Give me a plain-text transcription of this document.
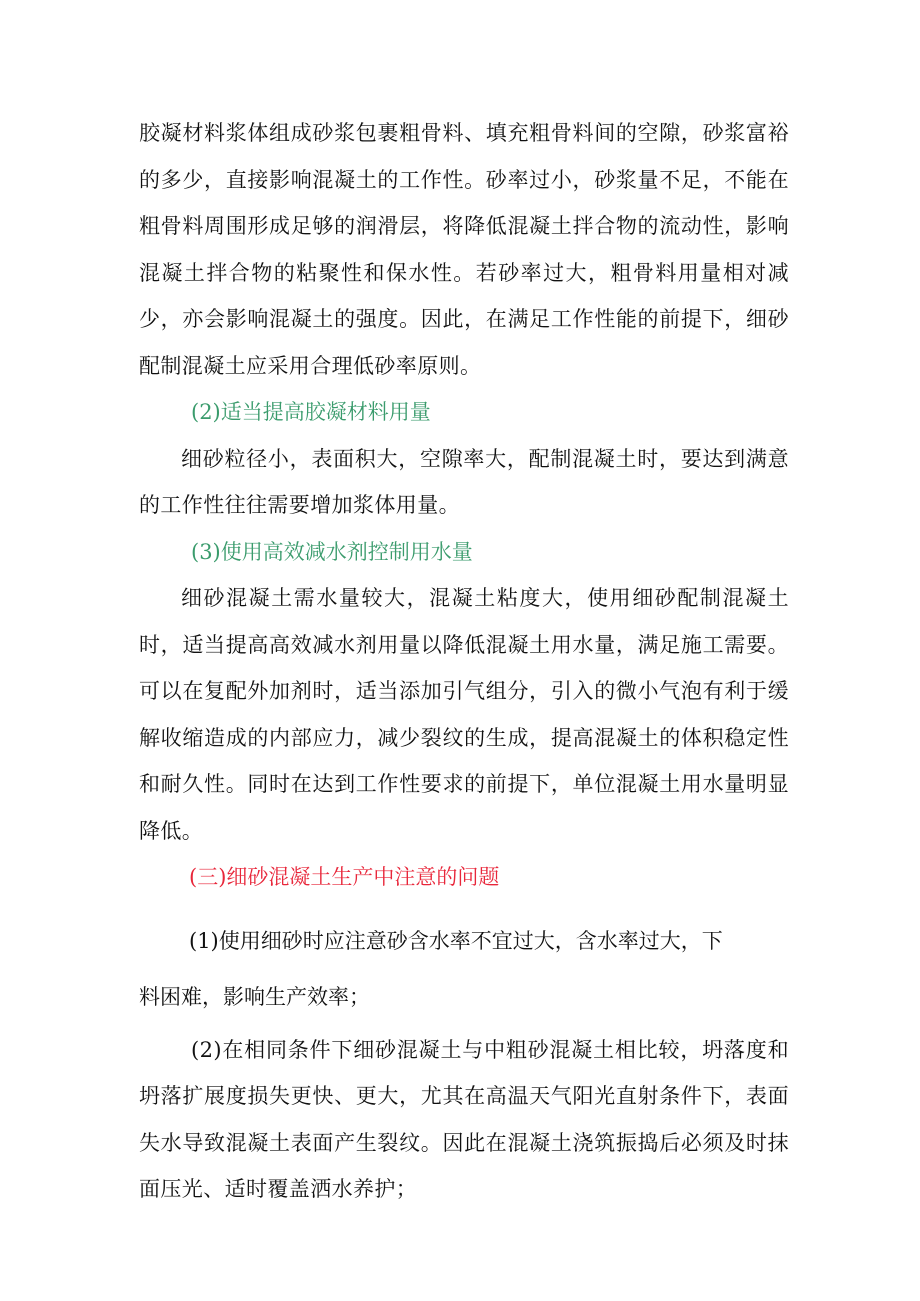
胶凝材料浆体组成砂浆包裹粗骨料、填充粗骨料间的空隙，砂浆富裕的多少，直接影响混凝土的工作性。砂率过小，砂浆量不足，不能在粗骨料周围形成足够的润滑层，将降低混凝土拌合物的流动性，影响混凝土拌合物的粘聚性和保水性。若砂率过大，粗骨料用量相对减少，亦会影响混凝土的强度。因此，在满足工作性能的前提下，细砂配制混凝土应采用合理低砂率原则。

(2)适当提高胶凝材料用量

细砂粒径小，表面积大，空隙率大，配制混凝土时，要达到满意的工作性往往需要增加浆体用量。

(3)使用高效减水剂控制用水量

细砂混凝土需水量较大，混凝土粘度大，使用细砂配制混凝土时，适当提高高效减水剂用量以降低混凝土用水量，满足施工需要。可以在复配外加剂时，适当添加引气组分，引入的微小气泡有利于缓解收缩造成的内部应力，减少裂纹的生成，提高混凝土的体积稳定性和耐久性。同时在达到工作性要求的前提下，单位混凝土用水量明显降低。

(三)细砂混凝土生产中注意的问题

(1)使用细砂时应注意砂含水率不宜过大，含水率过大，下
料困难，影响生产效率；

(2)在相同条件下细砂混凝土与中粗砂混凝土相比较，坍落度和坍落扩展度损失更快、更大，尤其在高温天气阳光直射条件下，表面失水导致混凝土表面产生裂纹。因此在混凝土浇筑振捣后必须及时抹面压光、适时覆盖洒水养护；
